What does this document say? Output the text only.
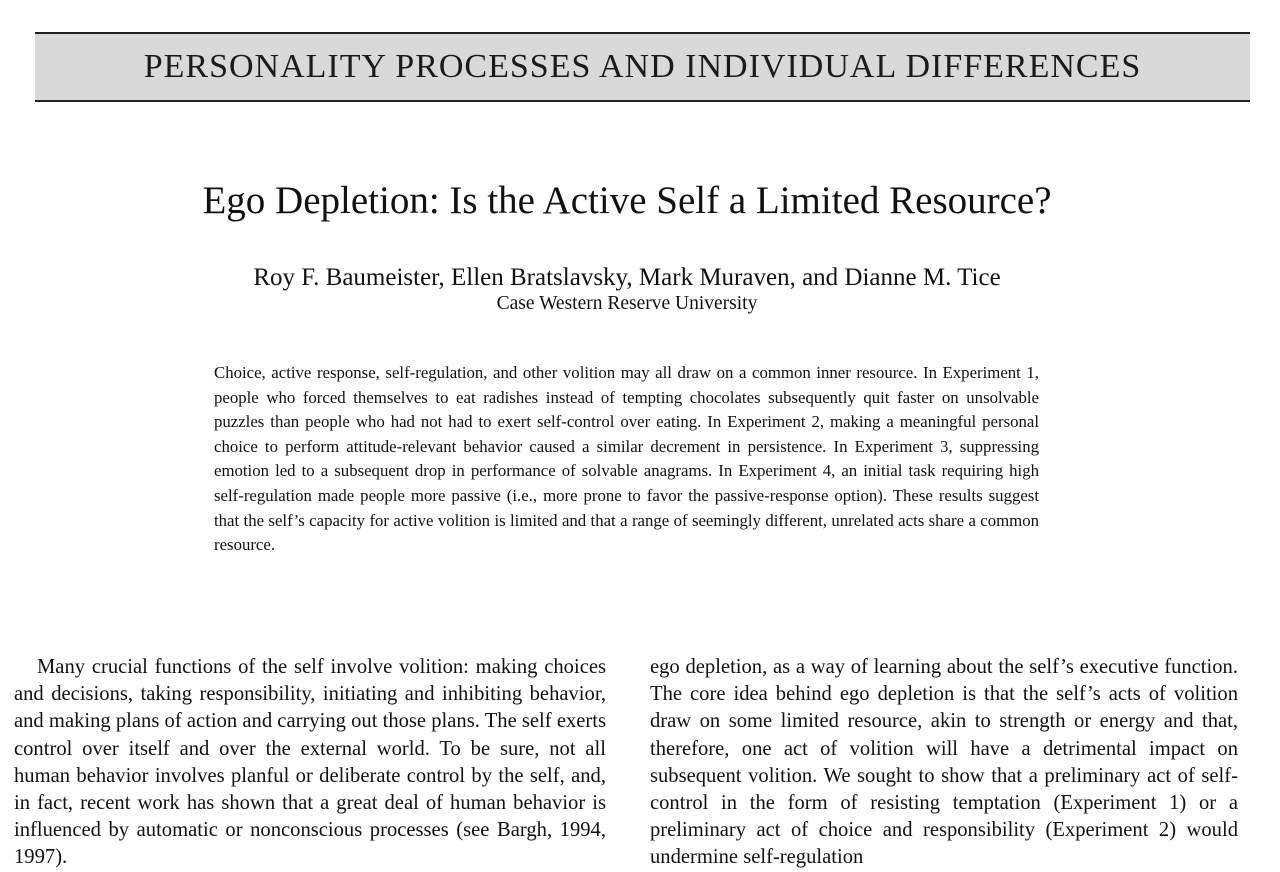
PERSONALITY PROCESSES AND INDIVIDUAL DIFFERENCES
Ego Depletion: Is the Active Self a Limited Resource?
Roy F. Baumeister, Ellen Bratslavsky, Mark Muraven, and Dianne M. Tice
Case Western Reserve University
Choice, active response, self-regulation, and other volition may all draw on a common inner resource. In Experiment 1, people who forced themselves to eat radishes instead of tempting chocolates subsequently quit faster on unsolvable puzzles than people who had not had to exert self-control over eating. In Experiment 2, making a meaningful personal choice to perform attitude-relevant behavior caused a similar decrement in persistence. In Experiment 3, suppressing emotion led to a subsequent drop in performance of solvable anagrams. In Experiment 4, an initial task requiring high self-regulation made people more passive (i.e., more prone to favor the passive-response option). These results suggest that the self’s capacity for active volition is limited and that a range of seemingly different, unrelated acts share a common resource.

Many crucial functions of the self involve volition: making choices and decisions, taking responsibility, initiating and inhibiting behavior, and making plans of action and carrying out those plans. The self exerts control over itself and over the external world. To be sure, not all human behavior involves planful or deliberate control by the self, and, in fact, recent work has shown that a great deal of human behavior is influenced by automatic or nonconscious processes (see Bargh, 1994, 1997).

ego depletion, as a way of learning about the self’s executive function. The core idea behind ego depletion is that the self’s acts of volition draw on some limited resource, akin to strength or energy and that, therefore, one act of volition will have a detrimental impact on subsequent volition. We sought to show that a preliminary act of self-control in the form of resisting temptation (Experiment 1) or a preliminary act of choice and responsibility (Experiment 2) would undermine self-regulation
